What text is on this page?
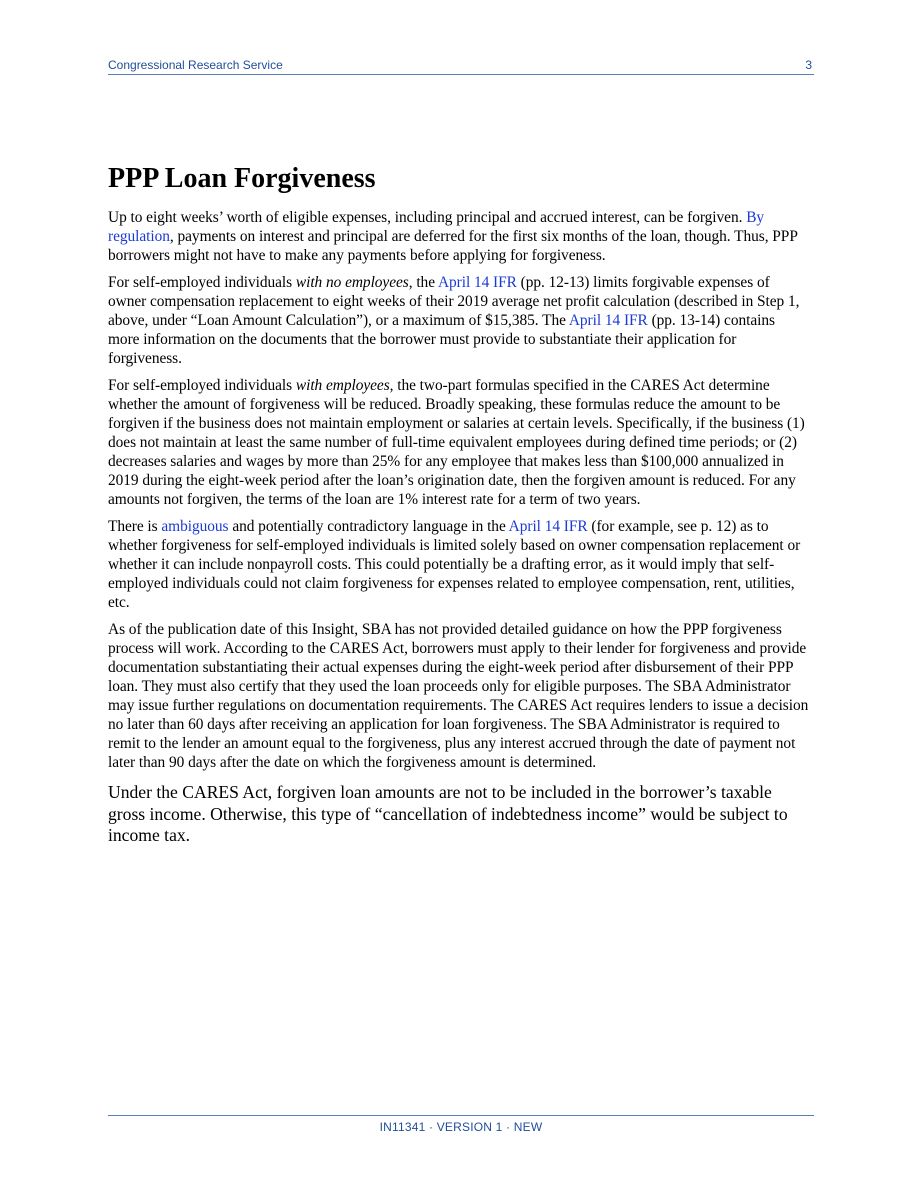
Congressional Research Service	3
PPP Loan Forgiveness

Up to eight weeks’ worth of eligible expenses, including principal and accrued interest, can be forgiven. By regulation, payments on interest and principal are deferred for the first six months of the loan, though. Thus, PPP borrowers might not have to make any payments before applying for forgiveness.

For self-employed individuals with no employees, the April 14 IFR (pp. 12-13) limits forgivable expenses of owner compensation replacement to eight weeks of their 2019 average net profit calculation (described in Step 1, above, under “Loan Amount Calculation”), or a maximum of $15,385. The April 14 IFR (pp. 13-14) contains more information on the documents that the borrower must provide to substantiate their application for forgiveness.

For self-employed individuals with employees, the two-part formulas specified in the CARES Act determine whether the amount of forgiveness will be reduced. Broadly speaking, these formulas reduce the amount to be forgiven if the business does not maintain employment or salaries at certain levels. Specifically, if the business (1) does not maintain at least the same number of full-time equivalent employees during defined time periods; or (2) decreases salaries and wages by more than 25% for any employee that makes less than $100,000 annualized in 2019 during the eight-week period after the loan’s origination date, then the forgiven amount is reduced. For any amounts not forgiven, the terms of the loan are 1% interest rate for a term of two years.

There is ambiguous and potentially contradictory language in the April 14 IFR (for example, see p. 12) as to whether forgiveness for self-employed individuals is limited solely based on owner compensation replacement or whether it can include nonpayroll costs. This could potentially be a drafting error, as it would imply that self-employed individuals could not claim forgiveness for expenses related to employee compensation, rent, utilities, etc.

As of the publication date of this Insight, SBA has not provided detailed guidance on how the PPP forgiveness process will work. According to the CARES Act, borrowers must apply to their lender for forgiveness and provide documentation substantiating their actual expenses during the eight-week period after disbursement of their PPP loan. They must also certify that they used the loan proceeds only for eligible purposes. The SBA Administrator may issue further regulations on documentation requirements. The CARES Act requires lenders to issue a decision no later than 60 days after receiving an application for loan forgiveness. The SBA Administrator is required to remit to the lender an amount equal to the forgiveness, plus any interest accrued through the date of payment not later than 90 days after the date on which the forgiveness amount is determined.

Under the CARES Act, forgiven loan amounts are not to be included in the borrower’s taxable gross income. Otherwise, this type of “cancellation of indebtedness income” would be subject to income tax.

IN11341 · VERSION 1 · NEW
